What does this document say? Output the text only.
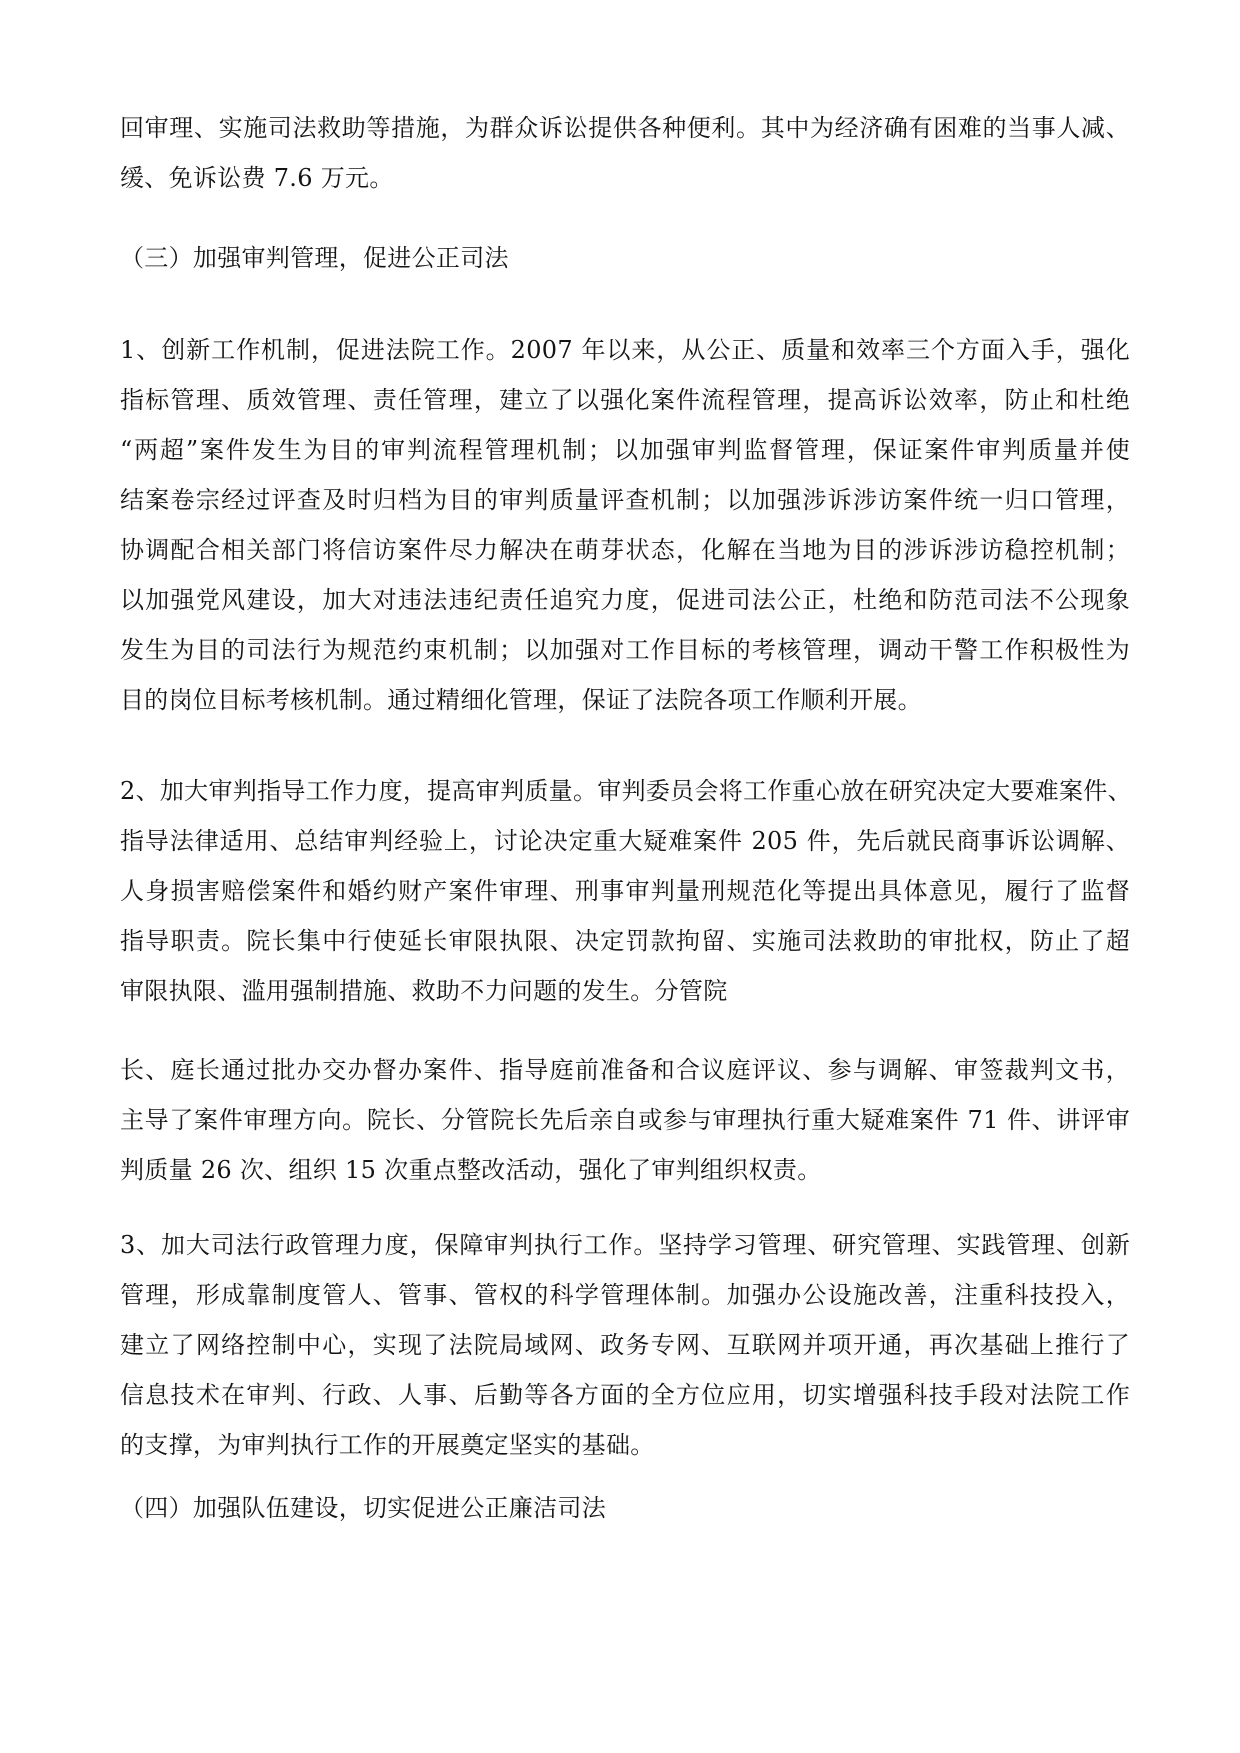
回审理、实施司法救助等措施，为群众诉讼提供各种便利。其中为经济确有困难的当事人减、
缓、免诉讼费 7.6 万元。
（三）加强审判管理，促进公正司法
1、创新工作机制，促进法院工作。2007 年以来，从公正、质量和效率三个方面入手，强化
指标管理、质效管理、责任管理，建立了以强化案件流程管理，提高诉讼效率，防止和杜绝
“两超”案件发生为目的审判流程管理机制；以加强审判监督管理，保证案件审判质量并使
结案卷宗经过评查及时归档为目的审判质量评查机制；以加强涉诉涉访案件统一归口管理，
协调配合相关部门将信访案件尽力解决在萌芽状态，化解在当地为目的涉诉涉访稳控机制；
以加强党风建设，加大对违法违纪责任追究力度，促进司法公正，杜绝和防范司法不公现象
发生为目的司法行为规范约束机制；以加强对工作目标的考核管理，调动干警工作积极性为
目的岗位目标考核机制。通过精细化管理，保证了法院各项工作顺利开展。
2、加大审判指导工作力度，提高审判质量。审判委员会将工作重心放在研究决定大要难案件、
指导法律适用、总结审判经验上，讨论决定重大疑难案件 205 件，先后就民商事诉讼调解、
人身损害赔偿案件和婚约财产案件审理、刑事审判量刑规范化等提出具体意见，履行了监督
指导职责。院长集中行使延长审限执限、决定罚款拘留、实施司法救助的审批权，防止了超
审限执限、滥用强制措施、救助不力问题的发生。分管院
长、庭长通过批办交办督办案件、指导庭前准备和合议庭评议、参与调解、审签裁判文书，
主导了案件审理方向。院长、分管院长先后亲自或参与审理执行重大疑难案件 71 件、讲评审
判质量 26 次、组织 15 次重点整改活动，强化了审判组织权责。
3、加大司法行政管理力度，保障审判执行工作。坚持学习管理、研究管理、实践管理、创新
管理，形成靠制度管人、管事、管权的科学管理体制。加强办公设施改善，注重科技投入，
建立了网络控制中心，实现了法院局域网、政务专网、互联网并项开通，再次基础上推行了
信息技术在审判、行政、人事、后勤等各方面的全方位应用，切实增强科技手段对法院工作
的支撑，为审判执行工作的开展奠定坚实的基础。
（四）加强队伍建设，切实促进公正廉洁司法
